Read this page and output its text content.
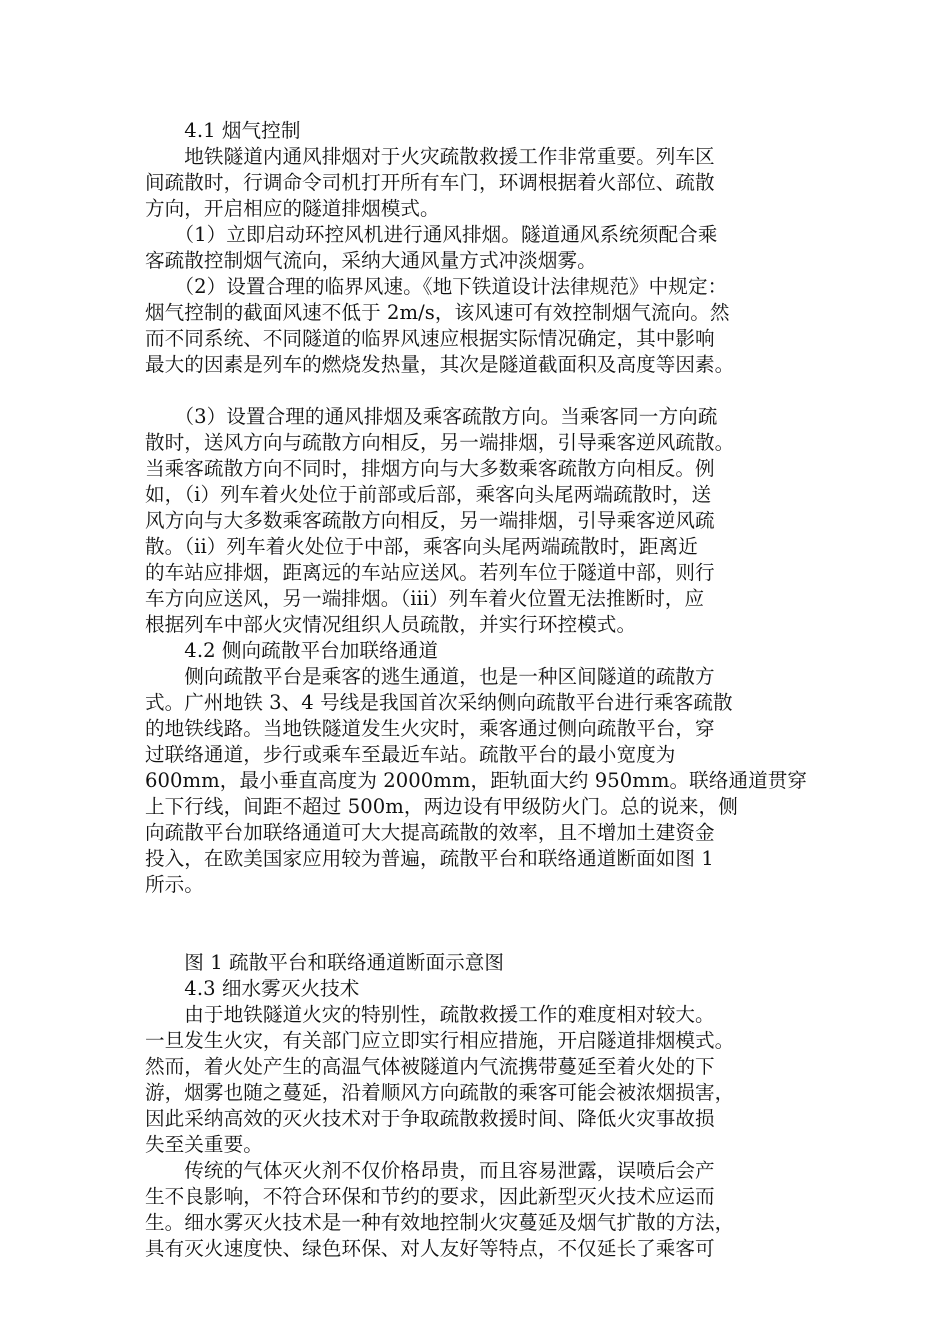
　　4.1 烟气控制
　　地铁隧道内通风排烟对于火灾疏散救援工作非常重要。列车区
间疏散时，行调命令司机打开所有车门，环调根据着火部位、疏散
方向，开启相应的隧道排烟模式。
　　（1）立即启动环控风机进行通风排烟。隧道通风系统须配合乘
客疏散控制烟气流向，采纳大通风量方式冲淡烟雾。
　　（2）设置合理的临界风速。《地下铁道设计法律规范》中规定：
烟气控制的截面风速不低于 2m/s，该风速可有效控制烟气流向。然
而不同系统、不同隧道的临界风速应根据实际情况确定，其中影响
最大的因素是列车的燃烧发热量，其次是隧道截面积及高度等因素。
　　（3）设置合理的通风排烟及乘客疏散方向。当乘客同一方向疏
散时，送风方向与疏散方向相反，另一端排烟，引导乘客逆风疏散。
当乘客疏散方向不同时，排烟方向与大多数乘客疏散方向相反。例
如，（i）列车着火处位于前部或后部，乘客向头尾两端疏散时，送
风方向与大多数乘客疏散方向相反，另一端排烟，引导乘客逆风疏
散。（ii）列车着火处位于中部，乘客向头尾两端疏散时，距离近
的车站应排烟，距离远的车站应送风。若列车位于隧道中部，则行
车方向应送风，另一端排烟。（iii）列车着火位置无法推断时，应
根据列车中部火灾情况组织人员疏散，并实行环控模式。
　　4.2 侧向疏散平台加联络通道
　　侧向疏散平台是乘客的逃生通道，也是一种区间隧道的疏散方
式。广州地铁 3、4 号线是我国首次采纳侧向疏散平台进行乘客疏散
的地铁线路。当地铁隧道发生火灾时，乘客通过侧向疏散平台，穿
过联络通道，步行或乘车至最近车站。疏散平台的最小宽度为
600mm，最小垂直高度为 2000mm，距轨面大约 950mm。联络通道贯穿
上下行线，间距不超过 500m，两边设有甲级防火门。总的说来，侧
向疏散平台加联络通道可大大提高疏散的效率，且不增加土建资金
投入，在欧美国家应用较为普遍，疏散平台和联络通道断面如图 1
所示。
　　图 1 疏散平台和联络通道断面示意图
　　4.3 细水雾灭火技术
　　由于地铁隧道火灾的特别性，疏散救援工作的难度相对较大。
一旦发生火灾，有关部门应立即实行相应措施，开启隧道排烟模式。
然而，着火处产生的高温气体被隧道内气流携带蔓延至着火处的下
游，烟雾也随之蔓延，沿着顺风方向疏散的乘客可能会被浓烟损害，
因此采纳高效的灭火技术对于争取疏散救援时间、降低火灾事故损
失至关重要。
　　传统的气体灭火剂不仅价格昂贵，而且容易泄露，误喷后会产
生不良影响，不符合环保和节约的要求，因此新型灭火技术应运而
生。细水雾灭火技术是一种有效地控制火灾蔓延及烟气扩散的方法，
具有灭火速度快、绿色环保、对人友好等特点，不仅延长了乘客可
